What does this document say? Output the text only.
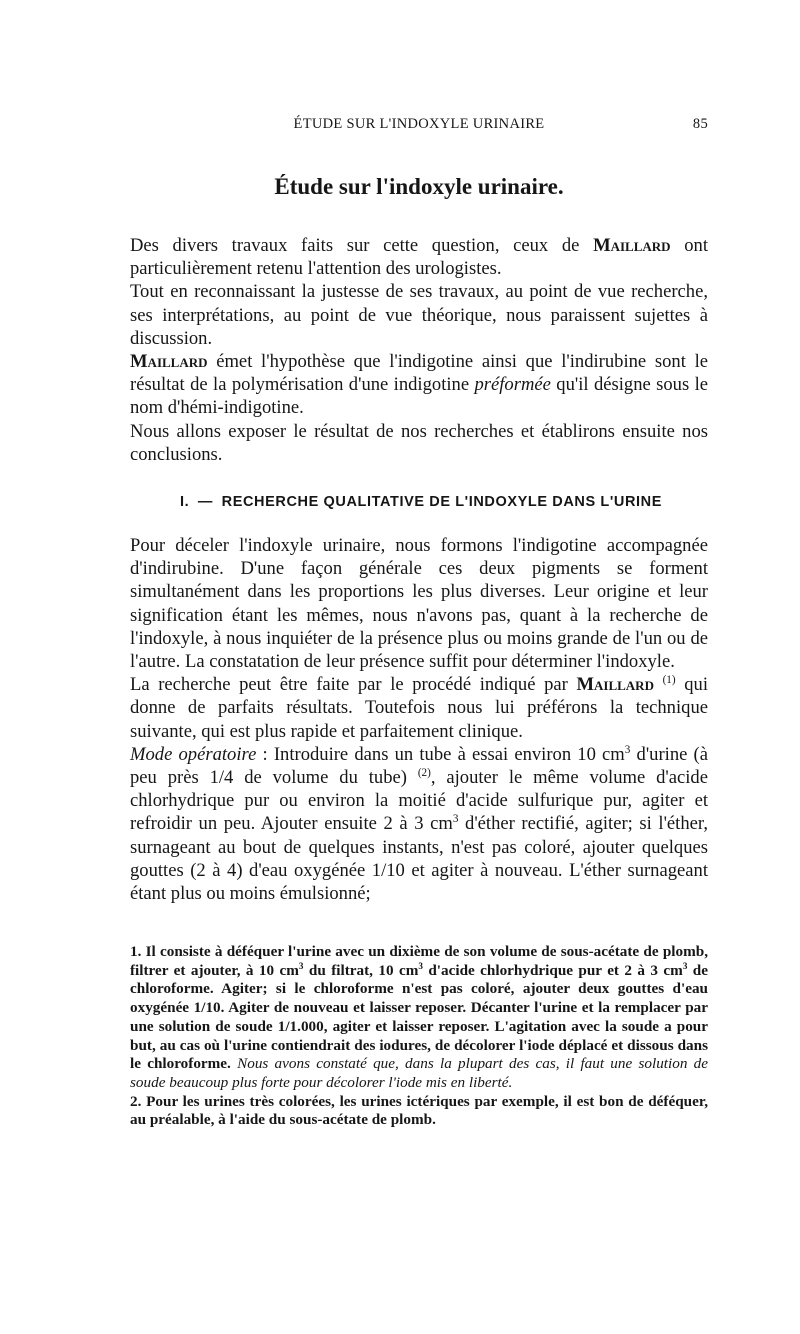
ÉTUDE SUR L'INDOXYLE URINAIRE	85
Étude sur l'indoxyle urinaire.

Des divers travaux faits sur cette question, ceux de Maillard ont particulièrement retenu l'attention des urologistes.

Tout en reconnaissant la justesse de ses travaux, au point de vue recherche, ses interprétations, au point de vue théorique, nous paraissent sujettes à discussion.

Maillard émet l'hypothèse que l'indigotine ainsi que l'indirubine sont le résultat de la polymérisation d'une indigotine préformée qu'il désigne sous le nom d'hémi-indigotine.

Nous allons exposer le résultat de nos recherches et établirons ensuite nos conclusions.

I. — RECHERCHE QUALITATIVE DE L'INDOXYLE DANS L'URINE

Pour déceler l'indoxyle urinaire, nous formons l'indigotine accompagnée d'indirubine. D'une façon générale ces deux pigments se forment simultanément dans les proportions les plus diverses. Leur origine et leur signification étant les mêmes, nous n'avons pas, quant à la recherche de l'indoxyle, à nous inquiéter de la présence plus ou moins grande de l'un ou de l'autre. La constatation de leur présence suffit pour déterminer l'indoxyle.

La recherche peut être faite par le procédé indiqué par Maillard $^{(1)}$ qui donne de parfaits résultats. Toutefois nous lui préférons la technique suivante, qui est plus rapide et parfaitement clinique.

Mode opératoire : Introduire dans un tube à essai environ 10 $cm^3$ d'urine (à peu près 1/4 de volume du tube) $^{(2)}$, ajouter le même volume d'acide chlorhydrique pur ou environ la moitié d'acide sulfurique pur, agiter et refroidir un peu. Ajouter ensuite 2 à 3 $cm^3$ d'éther rectifié, agiter; si l'éther, surnageant au bout de quelques instants, n'est pas coloré, ajouter quelques gouttes (2 à 4) d'eau oxygénée 1/10 et agiter à nouveau. L'éther surnageant étant plus ou moins émulsionné;

1. Il consiste à déféquer l'urine avec un dixième de son volume de sous-acétate de plomb, filtrer et ajouter, à 10 $cm^3$ du filtrat, 10 $cm^3$ d'acide chlorhydrique pur et 2 à 3 $cm^3$ de chloroforme. Agiter; si le chloroforme n'est pas coloré, ajouter deux gouttes d'eau oxygénée 1/10. Agiter de nouveau et laisser reposer. Décanter l'urine et la remplacer par une solution de soude 1/1.000, agiter et laisser reposer. L'agitation avec la soude a pour but, au cas où l'urine contiendrait des iodures, de décolorer l'iode déplacé et dissous dans le chloroforme. Nous avons constaté que, dans la plupart des cas, il faut une solution de soude beaucoup plus forte pour décolorer l'iode mis en liberté.

2. Pour les urines très colorées, les urines ictériques par exemple, il est bon de déféquer, au préalable, à l'aide du sous-acétate de plomb.
